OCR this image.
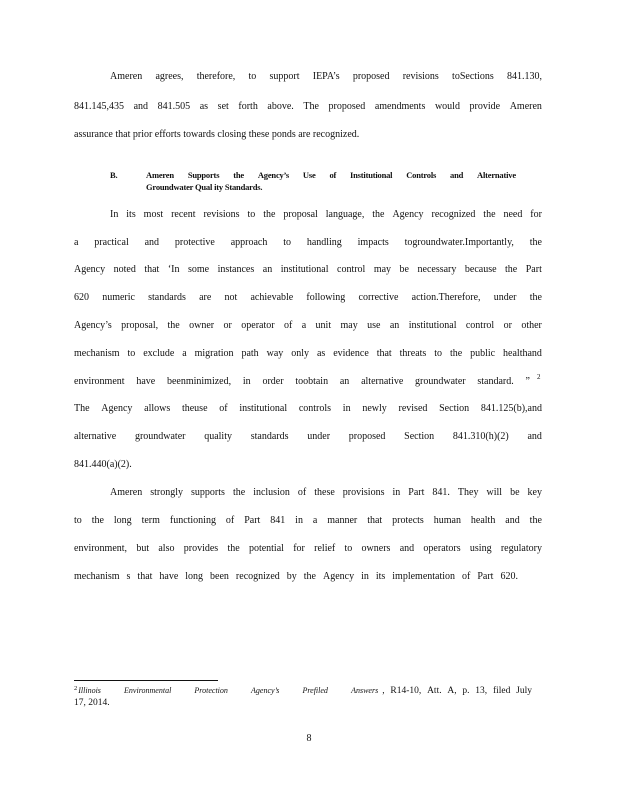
Ameren agrees, therefore, to support IEPA’s proposed revisions toSections 841.130,
841.145,435 and 841.505 as set forth above. The proposed amendments would provide Ameren
assurance that prior efforts towards closing these ponds are recognized.
B.	Ameren Supports the Agency’s Use of Institutional Controls and Alternative
Groundwater Qual ity Standards.
In its most recent revisions to the proposal language, the Agency recognized the need for
a practical and protective approach to handling impacts togroundwater.Importantly, the
Agency noted that ‘In some instances an institutional control may be necessary because the Part
620 numeric standards are not achievable following corrective action.Therefore, under the
Agency’s proposal, the owner or operator of a unit may use an institutional control or other
mechanism to exclude a migration path way only as evidence that threats to the public healthand
environment have beenminimized, in order toobtain an alternative groundwater standard. ” 2
The Agency allows theuse of institutional controls in newly revised Section 841.125(b),and
alternative groundwater quality standards under proposed Section 841.310(h)(2) and
841.440(a)(2).
Ameren strongly supports the inclusion of these provisions in Part 841. They will be key
to the long term functioning of Part 841 in a manner that protects human health and the
environment, but also provides the potential for relief to owners and operators using regulatory
mechanism s that have long been recognized by the Agency in its implementation of Part 620.
2 Illinois	Environmental	Protection	Agency’s	Prefiled	Answers , R14-10, Att. A, p. 13, filed July
17, 2014.
8
